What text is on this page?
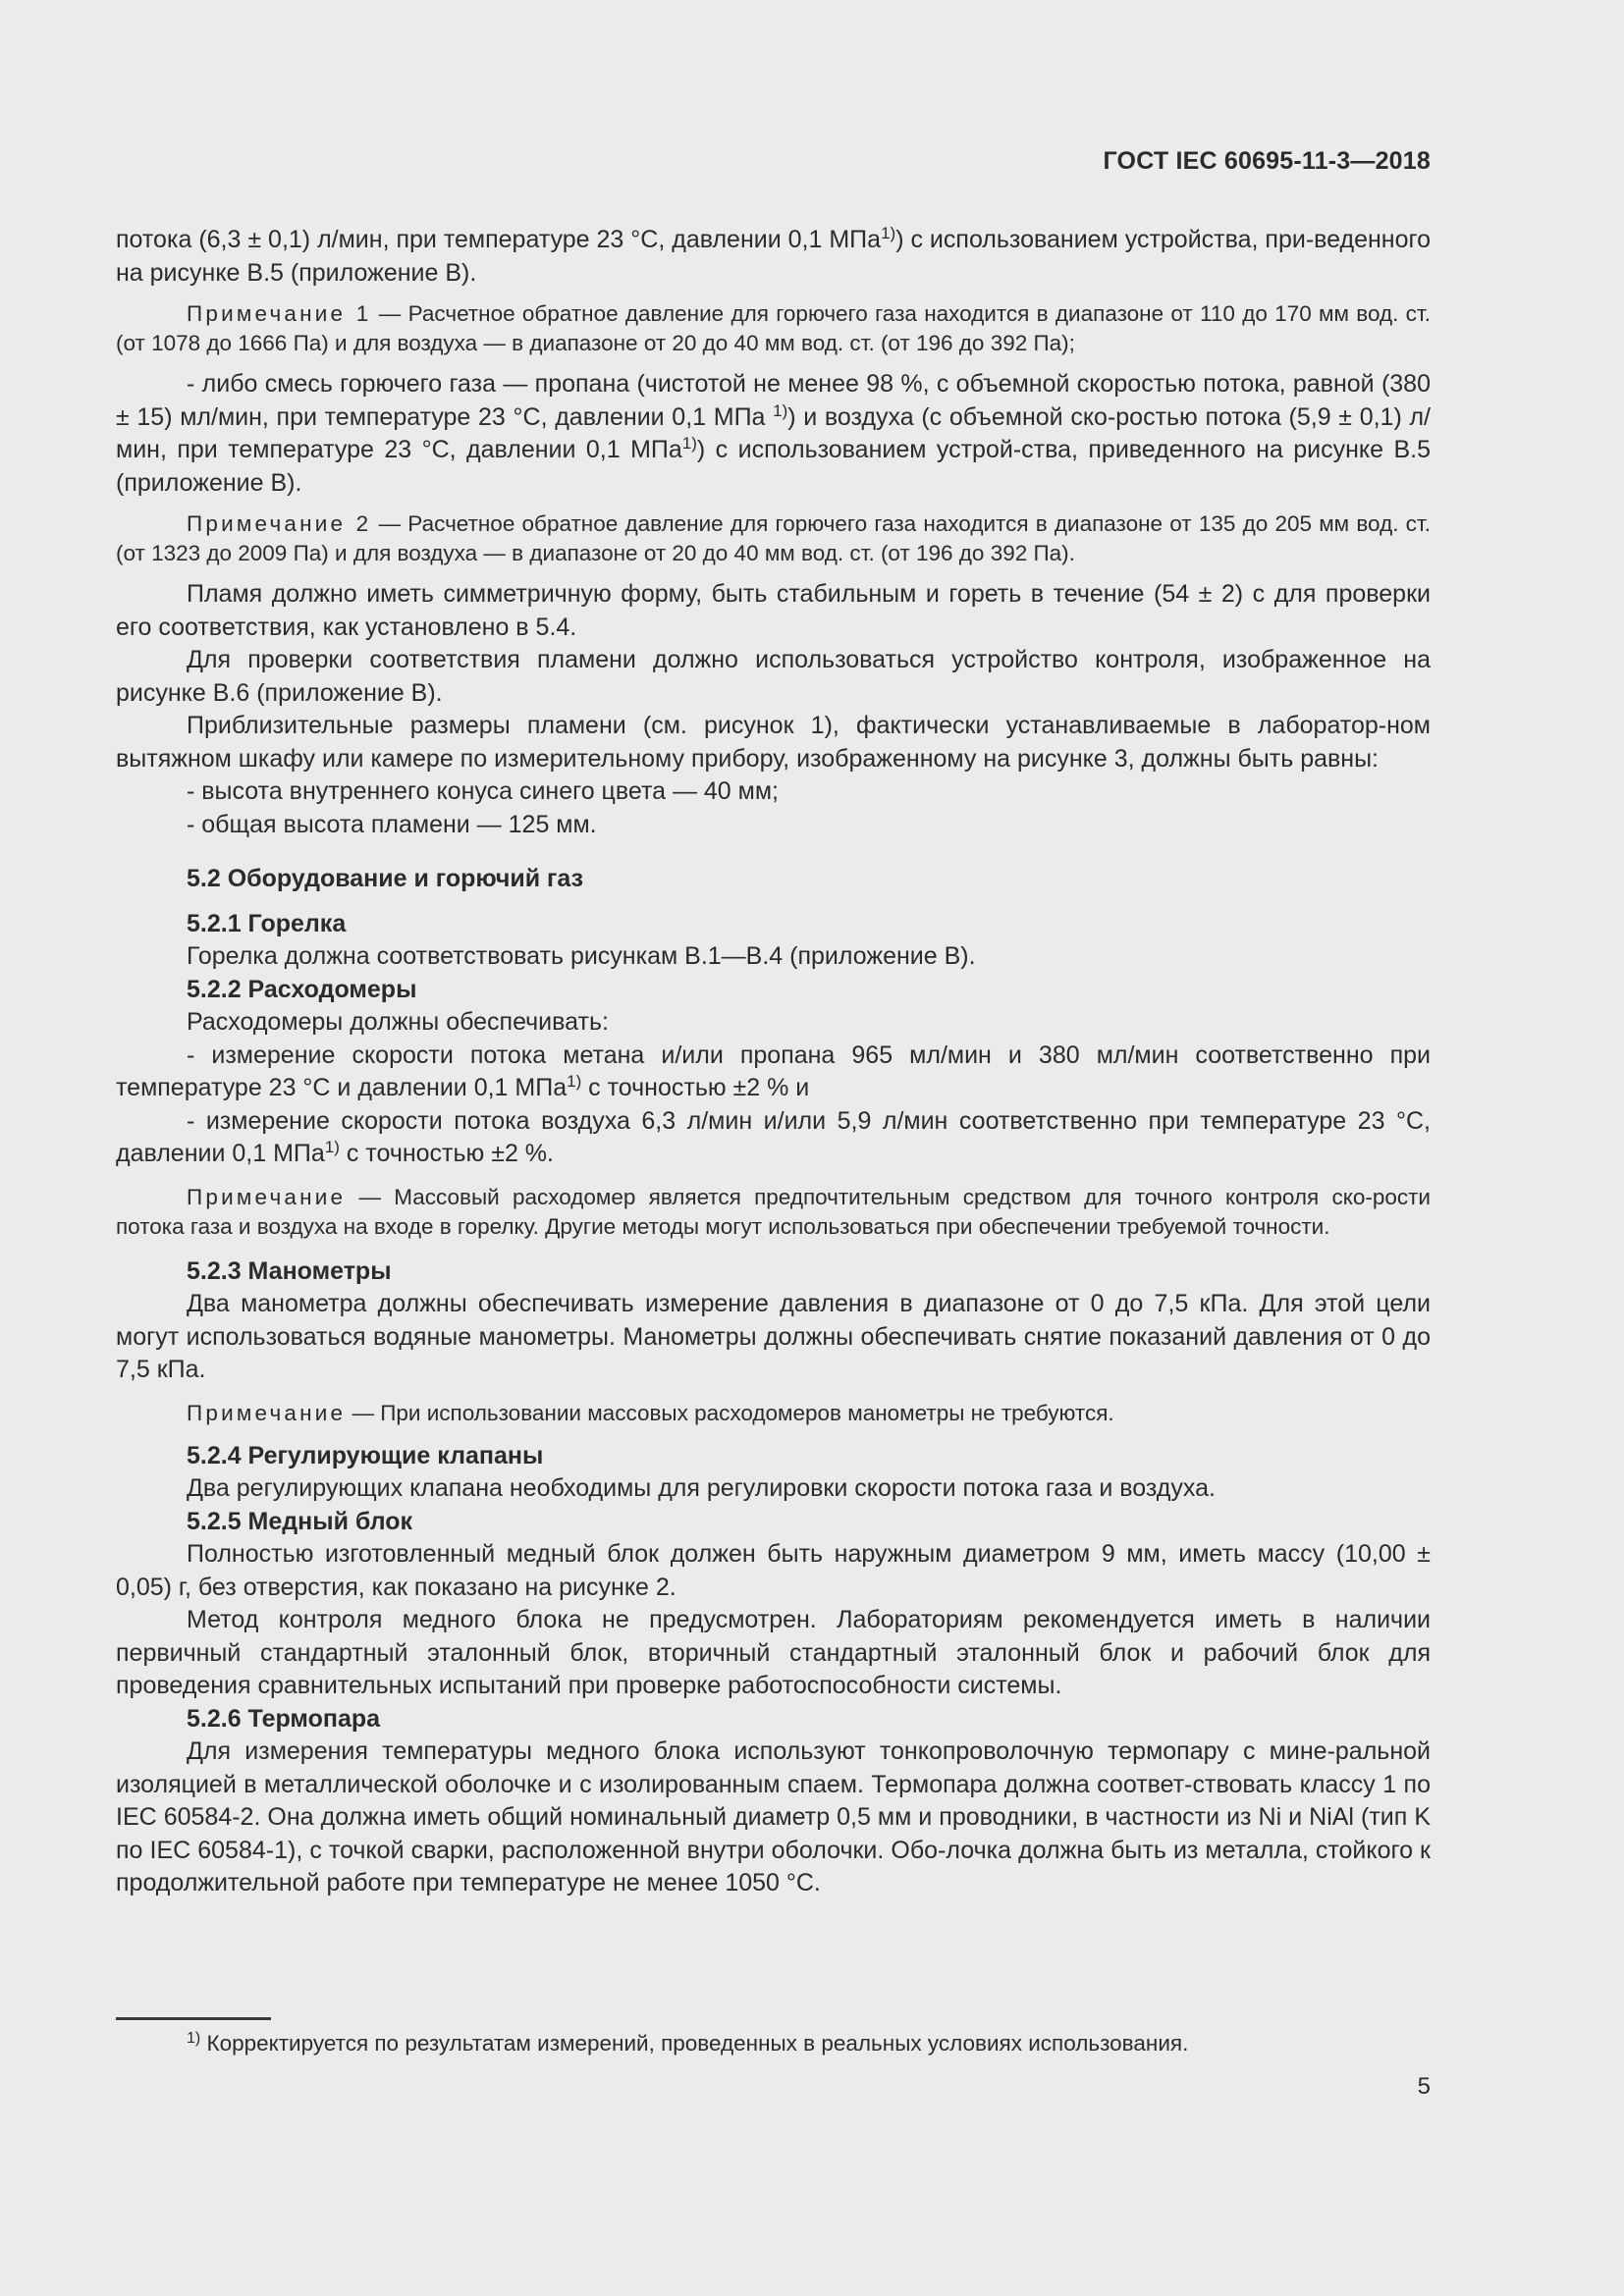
ГОСТ IEC 60695-11-3—2018

потока (6,3 ± 0,1) л/мин, при температуре 23 °С, давлении 0,1 МПа$^{1)}$) с использованием устройства, при-веденного на рисунке В.5 (приложение В).

Примечание 1 — Расчетное обратное давление для горючего газа находится в диапазоне от 110 до 170 мм вод. ст. (от 1078 до 1666 Па) и для воздуха — в диапазоне от 20 до 40 мм вод. ст. (от 196 до 392 Па);

- либо смесь горючего газа — пропана (чистотой не менее 98 %, с объемной скоростью потока, равной (380 ± 15) мл/мин, при температуре 23 °С, давлении 0,1 МПа $^{1)}$) и воздуха (с объемной ско-ростью потока (5,9 ± 0,1) л/мин, при температуре 23 °С, давлении 0,1 МПа$^{1)}$) с использованием устрой-ства, приведенного на рисунке В.5 (приложение В).

Примечание 2 — Расчетное обратное давление для горючего газа находится в диапазоне от 135 до 205 мм вод. ст. (от 1323 до 2009 Па) и для воздуха — в диапазоне от 20 до 40 мм вод. ст. (от 196 до 392 Па).

Пламя должно иметь симметричную форму, быть стабильным и гореть в течение (54 ± 2) с для проверки его соответствия, как установлено в 5.4.

Для проверки соответствия пламени должно использоваться устройство контроля, изображенное на рисунке В.6 (приложение В).

Приблизительные размеры пламени (см. рисунок 1), фактически устанавливаемые в лаборатор-ном вытяжном шкафу или камере по измерительному прибору, изображенному на рисунке 3, должны быть равны:

- высота внутреннего конуса синего цвета — 40 мм;

- общая высота пламени — 125 мм.

5.2 Оборудование и горючий газ

5.2.1 Горелка

Горелка должна соответствовать рисункам В.1—В.4 (приложение В).

5.2.2 Расходомеры

Расходомеры должны обеспечивать:

- измерение скорости потока метана и/или пропана 965 мл/мин и 380 мл/мин соответственно при температуре 23 °С и давлении 0,1 МПа$^{1)}$ с точностью ±2 % и

- измерение скорости потока воздуха 6,3 л/мин и/или 5,9 л/мин соответственно при температуре 23 °С, давлении 0,1 МПа$^{1)}$ с точностью ±2 %.

Примечание — Массовый расходомер является предпочтительным средством для точного контроля ско-рости потока газа и воздуха на входе в горелку. Другие методы могут использоваться при обеспечении требуемой точности.

5.2.3 Манометры

Два манометра должны обеспечивать измерение давления в диапазоне от 0 до 7,5 кПа. Для этой цели могут использоваться водяные манометры. Манометры должны обеспечивать снятие показаний давления от 0 до 7,5 кПа.

Примечание — При использовании массовых расходомеров манометры не требуются.

5.2.4 Регулирующие клапаны

Два регулирующих клапана необходимы для регулировки скорости потока газа и воздуха.

5.2.5 Медный блок

Полностью изготовленный медный блок должен быть наружным диаметром 9 мм, иметь массу (10,00 ± 0,05) г, без отверстия, как показано на рисунке 2.

Метод контроля медного блока не предусмотрен. Лабораториям рекомендуется иметь в наличии первичный стандартный эталонный блок, вторичный стандартный эталонный блок и рабочий блок для проведения сравнительных испытаний при проверке работоспособности системы.

5.2.6 Термопара

Для измерения температуры медного блока используют тонкопроволочную термопару с мине-ральной изоляцией в металлической оболочке и с изолированным спаем. Термопара должна соответ-ствовать классу 1 по IEC 60584-2. Она должна иметь общий номинальный диаметр 0,5 мм и проводники, в частности из Ni и NiAl (тип K по IEC 60584-1), с точкой сварки, расположенной внутри оболочки. Обо-лочка должна быть из металла, стойкого к продолжительной работе при температуре не менее 1050 °С.

$^{1)}$ Корректируется по результатам измерений, проведенных в реальных условиях использования.
5
